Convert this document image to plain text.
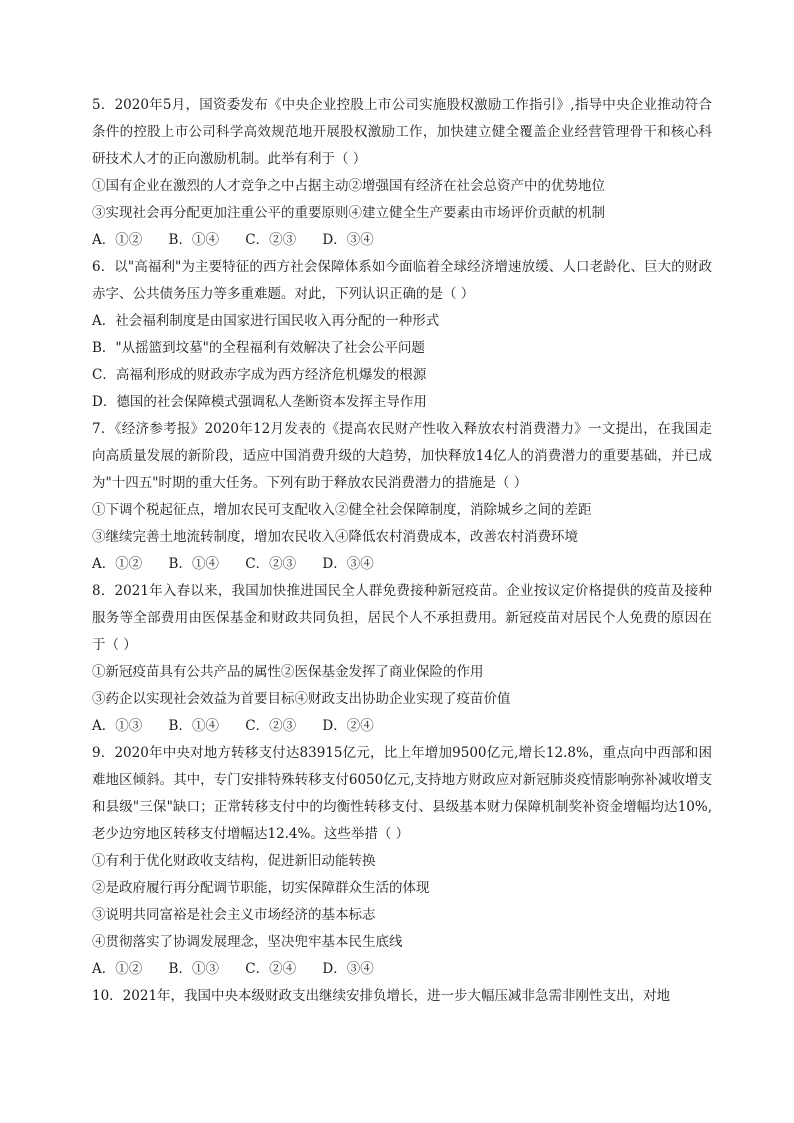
5．2020年5月，国资委发布《中央企业控股上市公司实施股权激励工作指引》,指导中央企业推动符合条件的控股上市公司科学高效规范地开展股权激励工作，加快建立健全覆盖企业经营管理骨干和核心科研技术人才的正向激励机制。此举有利于（ ）

①国有企业在激烈的人才竞争之中占据主动②增强国有经济在社会总资产中的优势地位

③实现社会再分配更加注重公平的重要原则④建立健全生产要素由市场评价贡献的机制

A．①② B．①④ C．②③ D．③④

6．以"高福利"为主要特征的西方社会保障体系如今面临着全球经济增速放缓、人口老龄化、巨大的财政赤字、公共债务压力等多重难题。对此，下列认识正确的是（ ）

A．社会福利制度是由国家进行国民收入再分配的一种形式

B．"从摇篮到坟墓"的全程福利有效解决了社会公平问题

C．高福利形成的财政赤字成为西方经济危机爆发的根源

D．德国的社会保障模式强调私人垄断资本发挥主导作用

7．《经济参考报》2020年12月发表的《提高农民财产性收入释放农村消费潜力》一文提出，在我国走向高质量发展的新阶段，适应中国消费升级的大趋势，加快释放14亿人的消费潜力的重要基础，并已成为"十四五"时期的重大任务。下列有助于释放农民消费潜力的措施是（ ）

①下调个税起征点，增加农民可支配收入②健全社会保障制度，消除城乡之间的差距

③继续完善土地流转制度，增加农民收入④降低农村消费成本，改善农村消费环境

A．①② B．①④ C．②③ D．③④

8．2021年入春以来，我国加快推进国民全人群免费接种新冠疫苗。企业按议定价格提供的疫苗及接种服务等全部费用由医保基金和财政共同负担，居民个人不承担费用。新冠疫苗对居民个人免费的原因在于（ ）

①新冠疫苗具有公共产品的属性②医保基金发挥了商业保险的作用

③药企以实现社会效益为首要目标④财政支出协助企业实现了疫苗价值

A．①③ B．①④ C．②③ D．②④

9．2020年中央对地方转移支付达83915亿元，比上年增加9500亿元,增长12.8%，重点向中西部和困难地区倾斜。其中，专门安排特殊转移支付6050亿元,支持地方财政应对新冠肺炎疫情影响弥补减收增支和县级"三保"缺口；正常转移支付中的均衡性转移支付、县级基本财力保障机制奖补资金增幅均达10%,老少边穷地区转移支付增幅达12.4%。这些举措（ ）

①有利于优化财政收支结构，促进新旧动能转换

②是政府履行再分配调节职能，切实保障群众生活的体现

③说明共同富裕是社会主义市场经济的基本标志

④贯彻落实了协调发展理念，坚决兜牢基本民生底线

A．①② B．①③ C．②④ D．③④

10．2021年，我国中央本级财政支出继续安排负增长，进一步大幅压减非急需非刚性支出，对地
